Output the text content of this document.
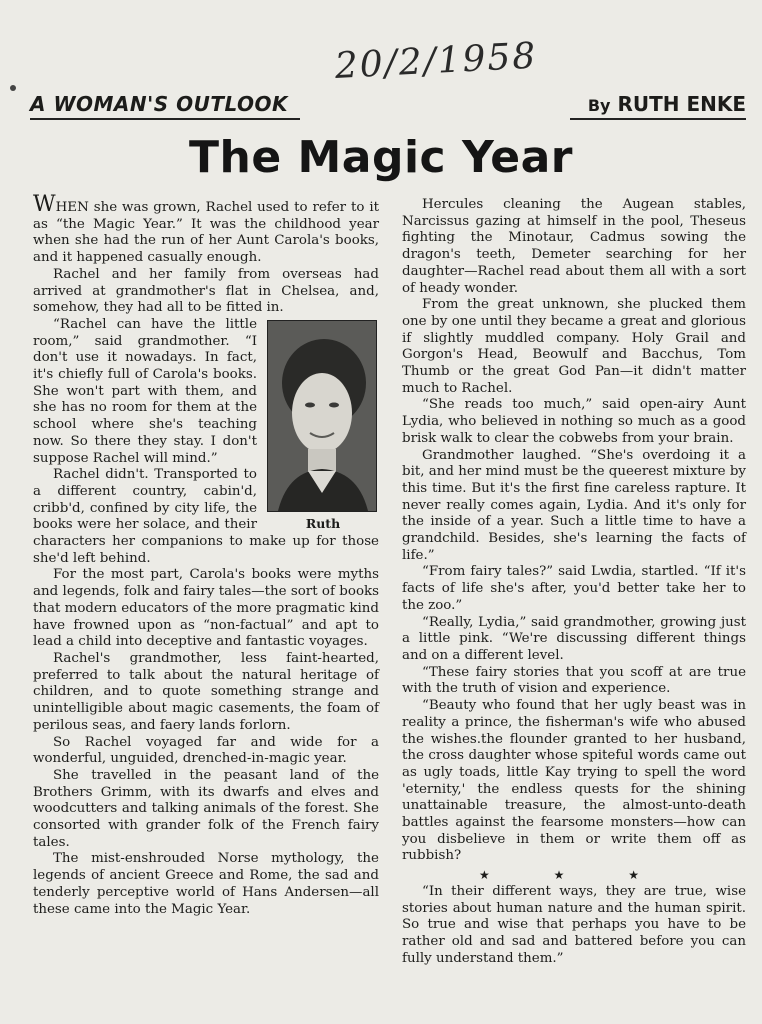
20/2/1958
A WOMAN'S OUTLOOK	By RUTH ENKE
The Magic Year

WHEN she was grown, Rachel used to refer to it as “the Magic Year.” It was the childhood year when she had the run of her Aunt Carola's books, and it happened casually enough.

Rachel and her family from overseas had arrived at grandmother's flat in Chelsea, and, somehow, they had all to be fitted in.

Ruth

“Rachel can have the little room,” said grandmother. “I don't use it nowadays. In fact, it's chiefly full of Carola's books. She won't part with them, and she has no room for them at the school where she's teaching now. So there they stay. I don't suppose Rachel will mind.”

Rachel didn't. Transported to a different country, cabin'd, cribb'd, confined by city life, the books were her solace, and their characters her companions to make up for those she'd left behind.

For the most part, Carola's books were myths and legends, folk and fairy tales—the sort of books that modern educators of the more pragmatic kind have frowned upon as “non-factual” and apt to lead a child into deceptive and fantastic voyages.

Rachel's grandmother, less faint-hearted, preferred to talk about the natural heritage of children, and to quote something strange and unintelligible about magic casements, the foam of perilous seas, and faery lands forlorn.

So Rachel voyaged far and wide for a wonderful, unguided, drenched-in-magic year.

She travelled in the peasant land of the Brothers Grimm, with its dwarfs and elves and woodcutters and talking animals of the forest. She consorted with grander folk of the French fairy tales.

The mist-enshrouded Norse mythology, the legends of ancient Greece and Rome, the sad and tenderly perceptive world of Hans Andersen—all these came into the Magic Year.

Hercules cleaning the Augean stables, Narcissus gazing at himself in the pool, Theseus fighting the Minotaur, Cadmus sowing the dragon's teeth, Demeter searching for her daughter—Rachel read about them all with a sort of heady wonder.

From the great unknown, she plucked them one by one until they became a great and glorious if slightly muddled company. Holy Grail and Gorgon's Head, Beowulf and Bacchus, Tom Thumb or the great God Pan—it didn't matter much to Rachel.

“She reads too much,” said open-airy Aunt Lydia, who believed in nothing so much as a good brisk walk to clear the cobwebs from your brain.

Grandmother laughed. “She's overdoing it a bit, and her mind must be the queerest mixture by this time. But it's the first fine careless rapture. It never really comes again, Lydia. And it's only for the inside of a year. Such a little time to have a grandchild. Besides, she's learning the facts of life.”

“From fairy tales?” said Lwdia, startled. “If it's facts of life she's after, you'd better take her to the zoo.”

“Really, Lydia,” said grandmother, growing just a little pink. “We're discussing different things and on a different level.

“These fairy stories that you scoff at are true with the truth of vision and experience.

“Beauty who found that her ugly beast was in reality a prince, the fisherman's wife who abused the wishes.the flounder granted to her husband, the cross daughter whose spiteful words came out as ugly toads, little Kay trying to spell the word 'eternity,' the endless quests for the shining unattainable treasure, the almost-unto-death battles against the fearsome monsters—how can you disbelieve in them or write them off as rubbish?

★ ★ ★

“In their different ways, they are true, wise stories about human nature and the human spirit. So true and wise that perhaps you have to be rather old and sad and battered before you can fully understand them.”
